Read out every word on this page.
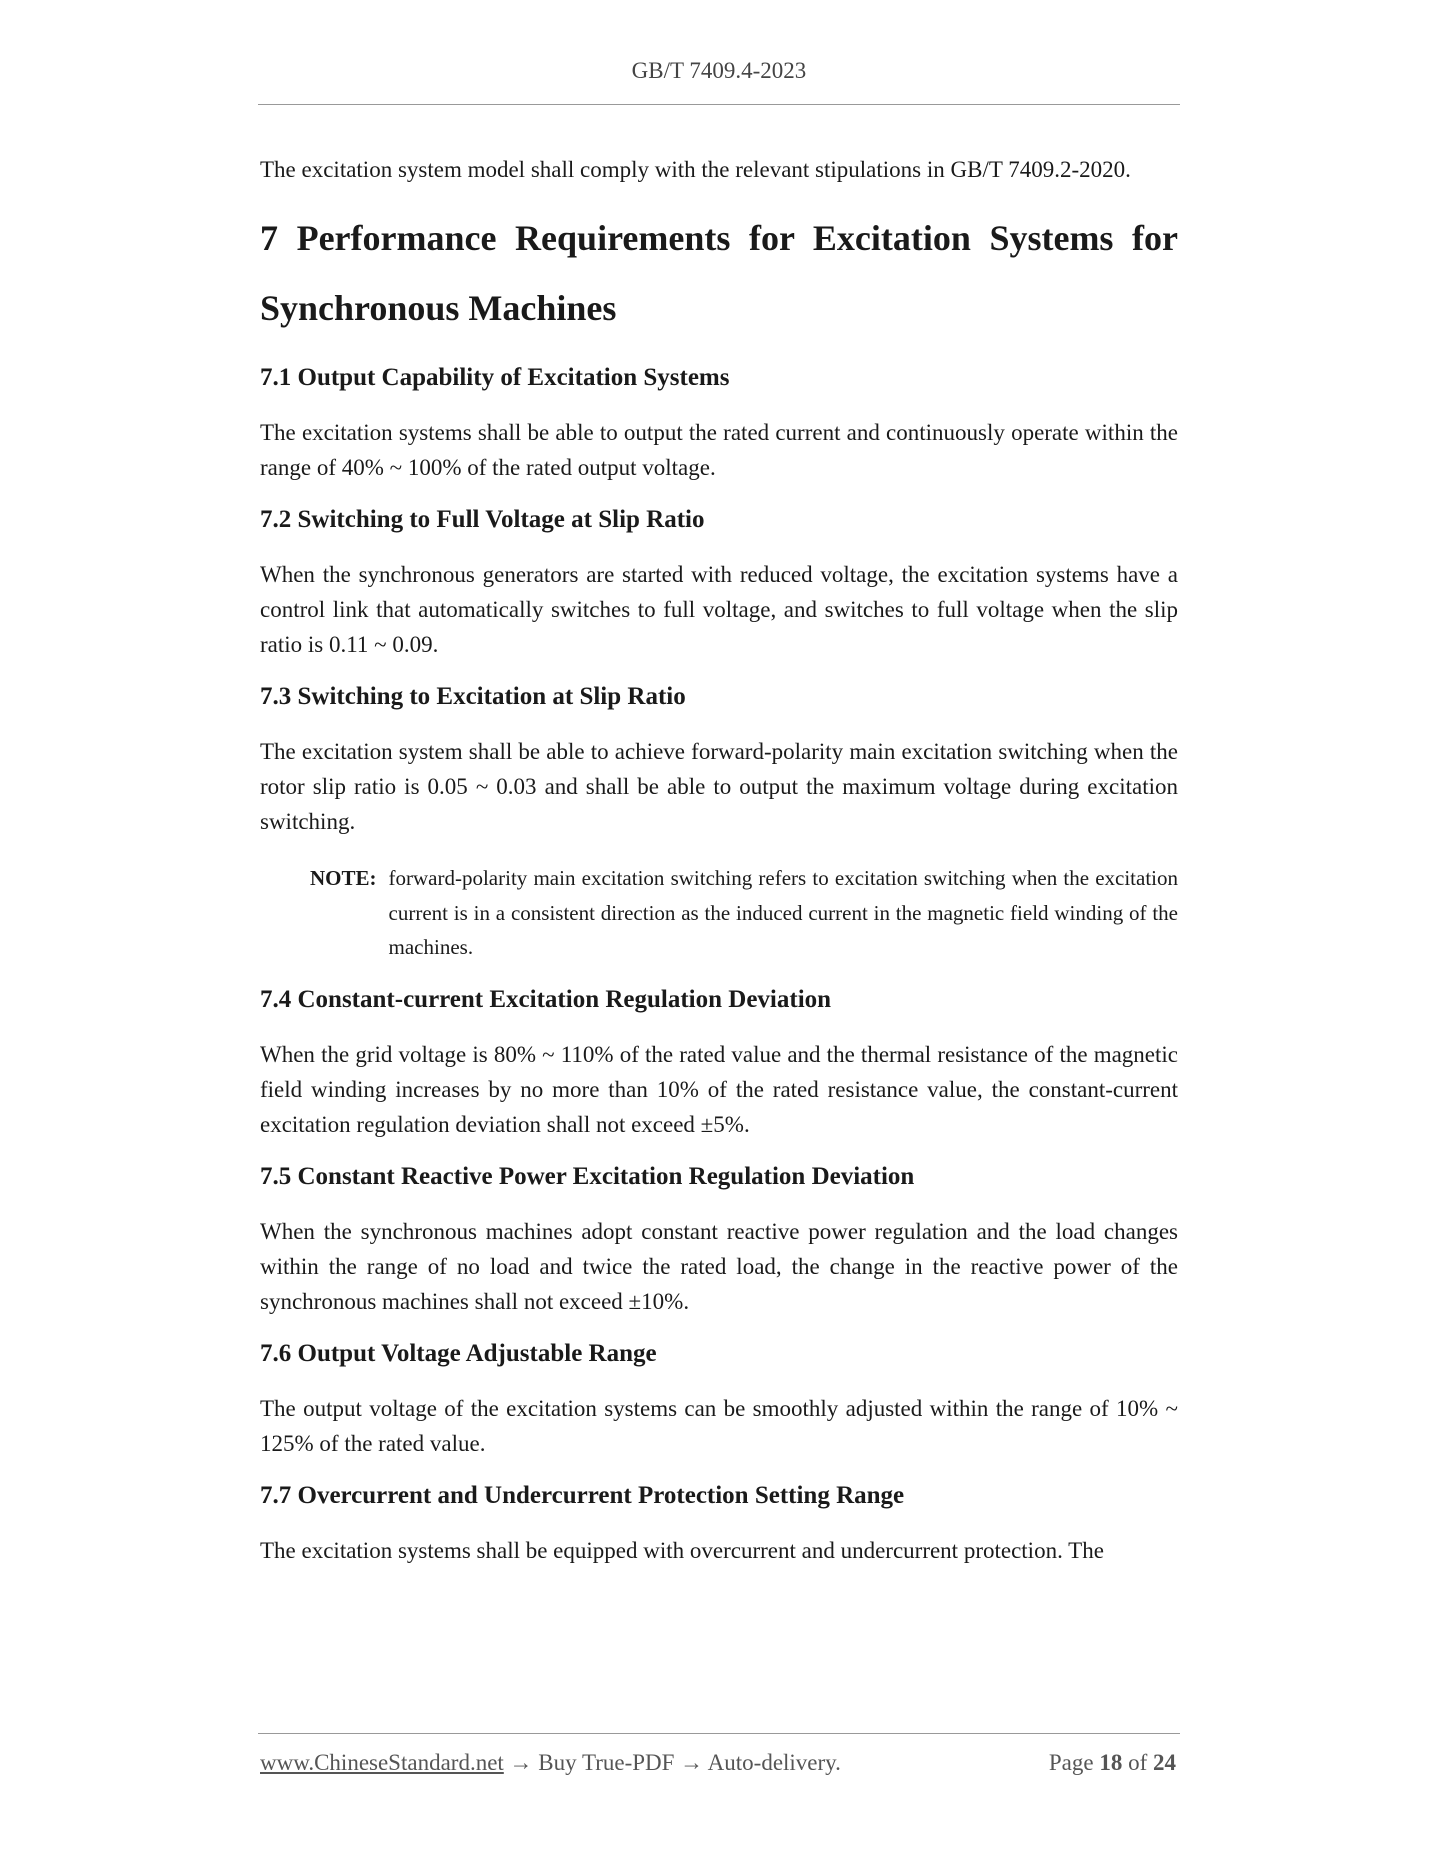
GB/T 7409.4-2023

The excitation system model shall comply with the relevant stipulations in GB/T 7409.2-2020.

7 Performance Requirements for Excitation Systems for Synchronous Machines
7.1 Output Capability of Excitation Systems

The excitation systems shall be able to output the rated current and continuously operate within the range of 40% ~ 100% of the rated output voltage.

7.2 Switching to Full Voltage at Slip Ratio

When the synchronous generators are started with reduced voltage, the excitation systems have a control link that automatically switches to full voltage, and switches to full voltage when the slip ratio is 0.11 ~ 0.09.

7.3 Switching to Excitation at Slip Ratio

The excitation system shall be able to achieve forward-polarity main excitation switching when the rotor slip ratio is 0.05 ~ 0.03 and shall be able to output the maximum voltage during excitation switching.

NOTE: forward-polarity main excitation switching refers to excitation switching when the excitation current is in a consistent direction as the induced current in the magnetic field winding of the machines.
7.4 Constant-current Excitation Regulation Deviation

When the grid voltage is 80% ~ 110% of the rated value and the thermal resistance of the magnetic field winding increases by no more than 10% of the rated resistance value, the constant-current excitation regulation deviation shall not exceed ±5%.

7.5 Constant Reactive Power Excitation Regulation Deviation

When the synchronous machines adopt constant reactive power regulation and the load changes within the range of no load and twice the rated load, the change in the reactive power of the synchronous machines shall not exceed ±10%.

7.6 Output Voltage Adjustable Range

The output voltage of the excitation systems can be smoothly adjusted within the range of 10% ~ 125% of the rated value.

7.7 Overcurrent and Undercurrent Protection Setting Range

The excitation systems shall be equipped with overcurrent and undercurrent protection. The

www.ChineseStandard.net → Buy True-PDF → Auto-delivery.	Page 18 of 24
